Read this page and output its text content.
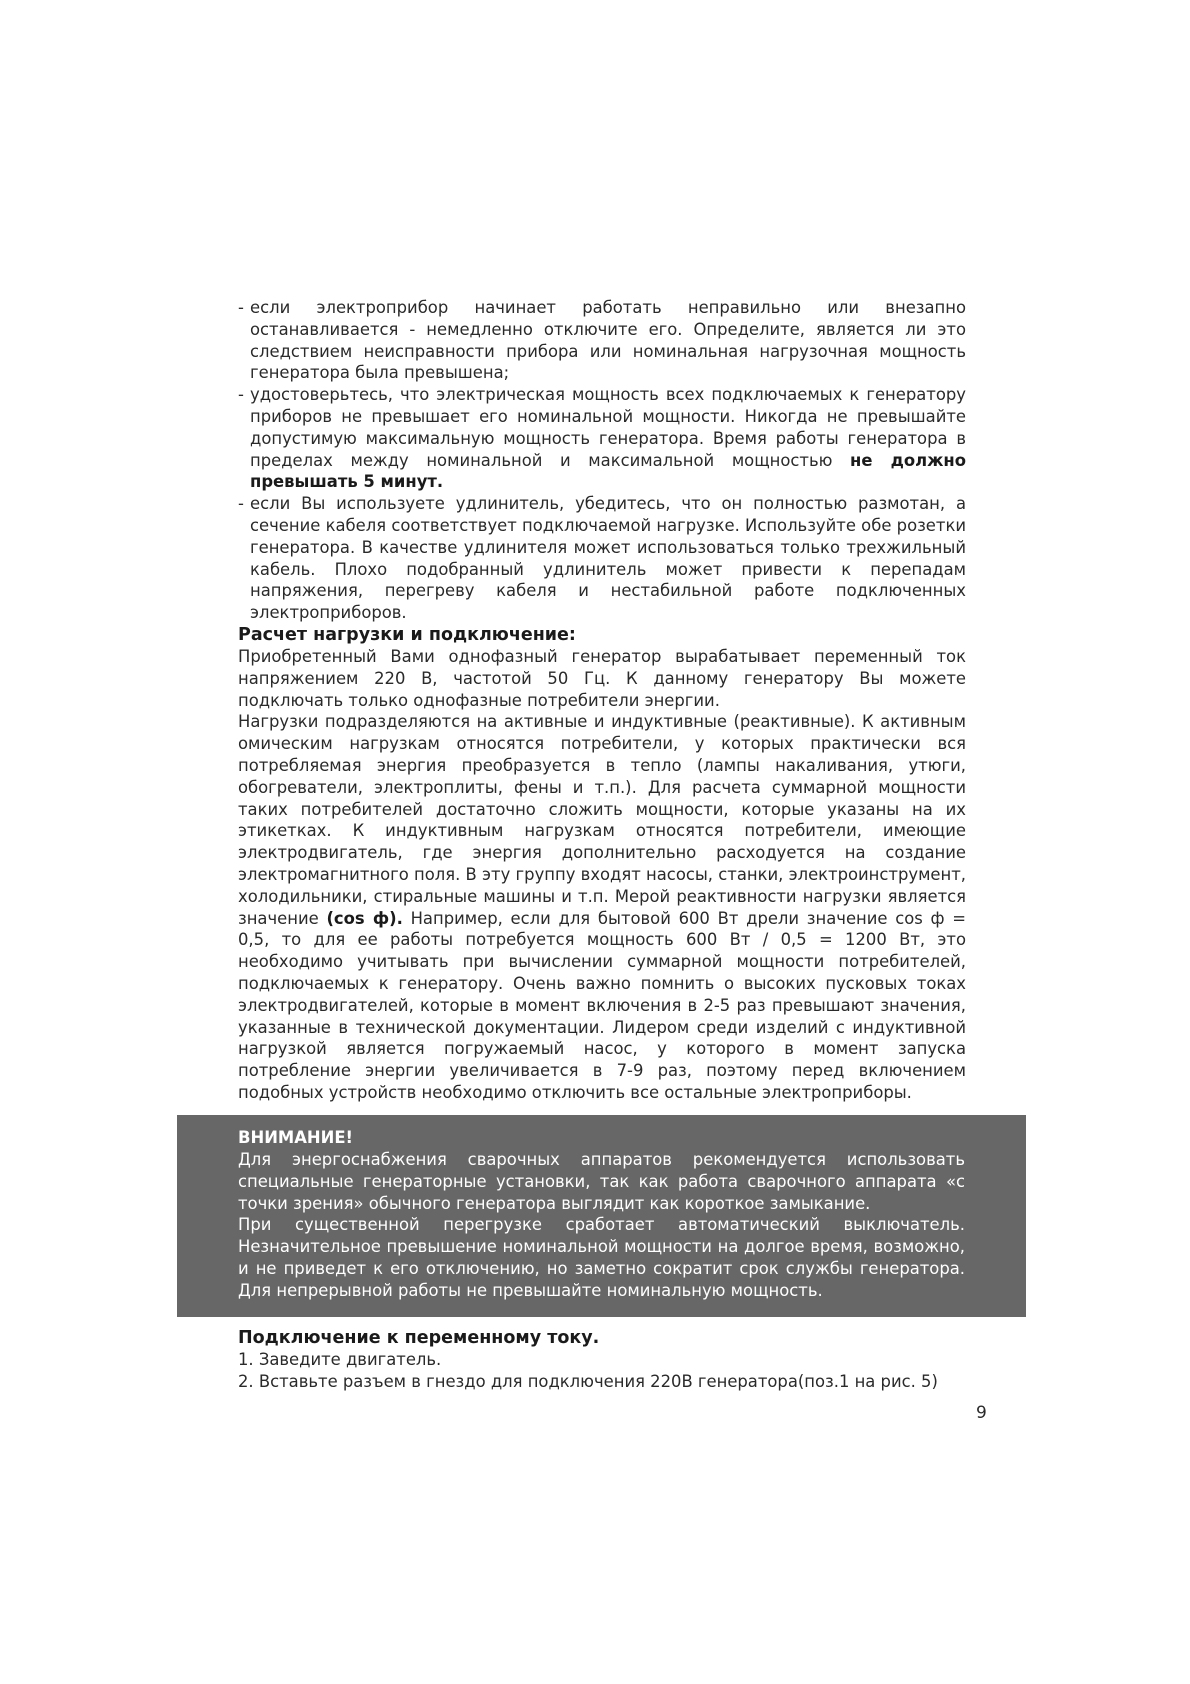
- если электроприбор начинает работать неправильно или внезапно останавливается - немедленно отключите его. Определите, является ли это следствием неисправности прибора или номинальная нагрузочная мощность генератора была превышена;

- удостоверьтесь, что электрическая мощность всех подключаемых к генератору приборов не превышает его номинальной мощности. Никогда не превышайте допустимую максимальную мощность генератора. Время работы генератора в пределах между номинальной и максимальной мощностью не должно превышать 5 минут.

- если Вы используете удлинитель, убедитесь, что он полностью размотан, а сечение кабеля соответствует подключаемой нагрузке. Используйте обе розетки генератора. В качестве удлинителя может использоваться только трехжильный кабель. Плохо подобранный удлинитель может привести к перепадам напряжения, перегреву кабеля и нестабильной работе подключенных электроприборов.

Расчет нагрузки и подключение:

Приобретенный Вами однофазный генератор вырабатывает переменный ток напряжением 220 В, частотой 50 Гц. К данному генератору Вы можете подключать только однофазные потребители энергии.

Нагрузки подразделяются на активные и индуктивные (реактивные). К активным омическим нагрузкам относятся потребители, у которых практически вся потребляемая энергия преобразуется в тепло (лампы накаливания, утюги, обогреватели, электроплиты, фены и т.п.). Для расчета суммарной мощности таких потребителей достаточно сложить мощности, которые указаны на их этикетках. К индуктивным нагрузкам относятся потребители, имеющие электродвигатель, где энергия дополнительно расходуется на создание электромагнитного поля. В эту группу входят насосы, станки, электроинструмент, холодильники, стиральные машины и т.п. Мерой реактивности нагрузки является значение (cos ф). Например, если для бытовой 600 Вт дрели значение cos ф = 0,5, то для ее работы потребуется мощность 600 Вт / 0,5 = 1200 Вт, это необходимо учитывать при вычислении суммарной мощности потребителей, подключаемых к генератору. Очень важно помнить о высоких пусковых токах электродвигателей, которые в момент включения в 2-5 раз превышают значения, указанные в технической документации. Лидером среди изделий с индуктивной нагрузкой является погружаемый насос, у которого в момент запуска потребление энергии увеличивается в 7-9 раз, поэтому перед включением подобных устройств необходимо отключить все остальные электроприборы.

ВНИМАНИЕ!

Для энергоснабжения сварочных аппаратов рекомендуется использовать специальные генераторные установки, так как работа сварочного аппарата «с точки зрения» обычного генератора выглядит как короткое замыкание.

При существенной перегрузке сработает автоматический выключатель. Незначительное превышение номинальной мощности на долгое время, возможно, и не приведет к его отключению, но заметно сократит срок службы генератора. Для непрерывной работы не превышайте номинальную мощность.

Подключение к переменному току.

1. Заведите двигатель.

2. Вставьте разъем в гнездо для подключения 220В генератора(поз.1 на рис. 5)

9
